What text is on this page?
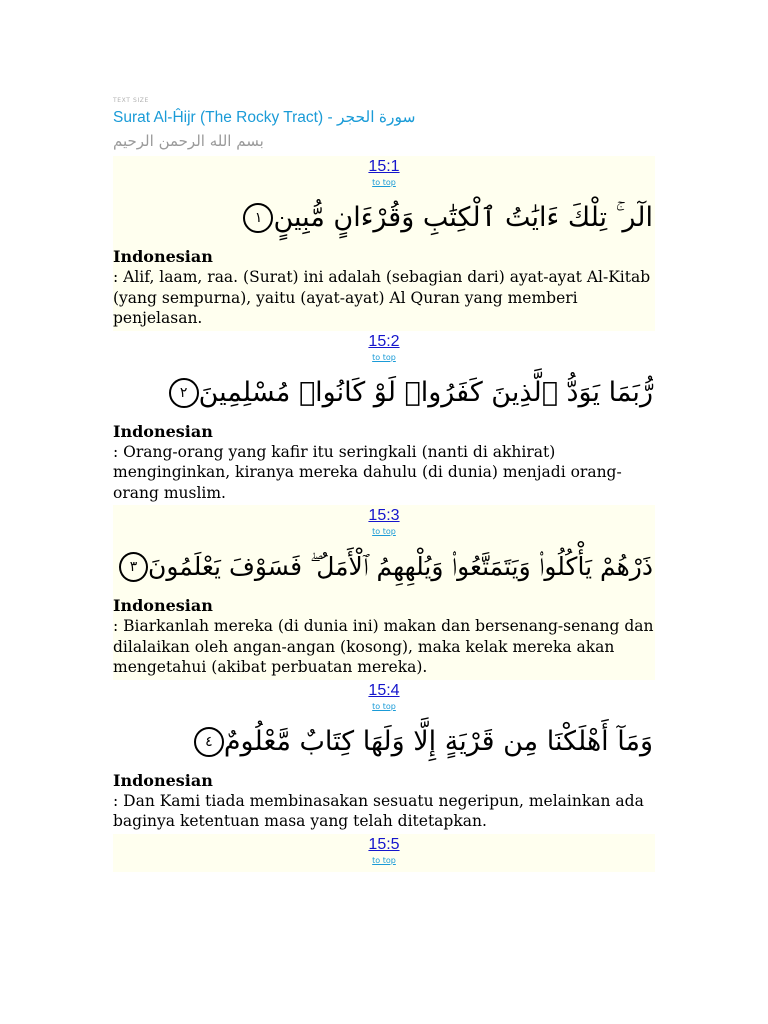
TEXT SIZE
Surat Al-Ĥijr (The Rocky Tract) - سورة الحجر
بسم الله الرحمن الرحيم
15:1
to top
١ الٓر ۚ تِلْكَ ءَايَٰتُ ٱلْكِتَٰبِ وَقُرْءَانٍ مُّبِينٍ
Indonesian
: Alif, laam, raa. (Surat) ini adalah (sebagian dari) ayat-ayat Al-Kitab (yang sempurna), yaitu (ayat-ayat) Al Quran yang memberi penjelasan.
15:2
to top
٢ رُّبَمَا يَوَدُّ ٱلَّذِينَ كَفَرُوا۟ لَوْ كَانُوا۟ مُسْلِمِينَ
Indonesian
: Orang-orang yang kafir itu seringkali (nanti di akhirat) menginginkan, kiranya mereka dahulu (di dunia) menjadi orang-orang muslim.
15:3
to top
٣ ذَرْهُمْ يَأْكُلُوا۟ وَيَتَمَتَّعُوا۟ وَيُلْهِهِمُ ٱلْأَمَلُ ۖ فَسَوْفَ يَعْلَمُونَ
Indonesian
: Biarkanlah mereka (di dunia ini) makan dan bersenang-senang dan dilalaikan oleh angan-angan (kosong), maka kelak mereka akan mengetahui (akibat perbuatan mereka).
15:4
to top
٤ وَمَآ أَهْلَكْنَا مِن قَرْيَةٍ إِلَّا وَلَهَا كِتَابٌ مَّعْلُومٌ
Indonesian
: Dan Kami tiada membinasakan sesuatu negeripun, melainkan ada baginya ketentuan masa yang telah ditetapkan.
15:5
to top
